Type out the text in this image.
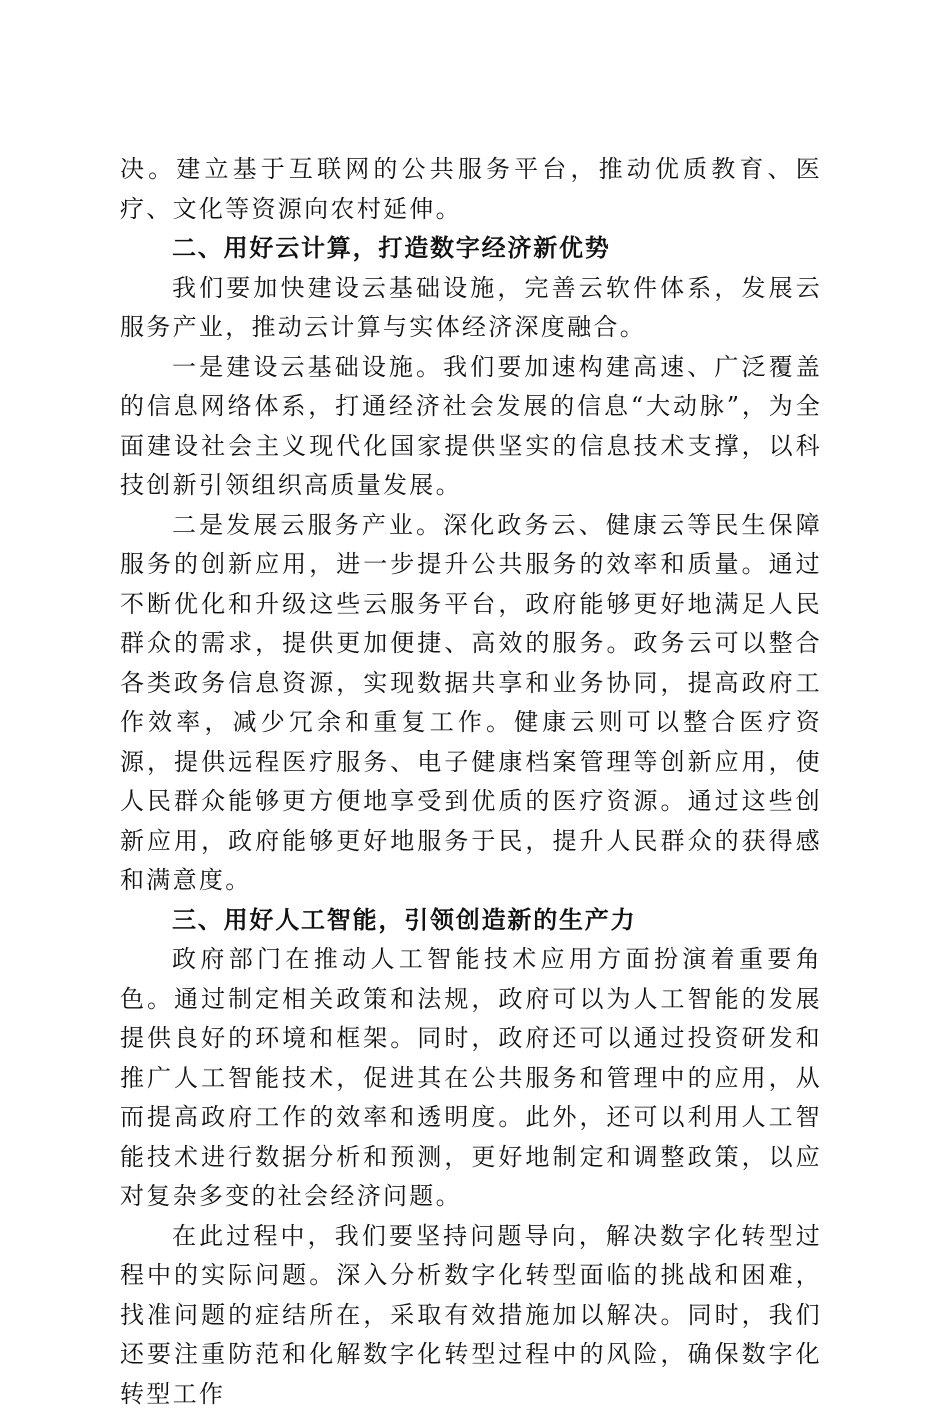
决。建立基于互联网的公共服务平台，推动优质教育、医疗、文化等资源向农村延伸。

二、用好云计算，打造数字经济新优势

我们要加快建设云基础设施，完善云软件体系，发展云服务产业，推动云计算与实体经济深度融合。

一是建设云基础设施。我们要加速构建高速、广泛覆盖的信息网络体系，打通经济社会发展的信息“大动脉”，为全面建设社会主义现代化国家提供坚实的信息技术支撑，以科技创新引领组织高质量发展。

二是发展云服务产业。深化政务云、健康云等民生保障服务的创新应用，进一步提升公共服务的效率和质量。通过不断优化和升级这些云服务平台，政府能够更好地满足人民群众的需求，提供更加便捷、高效的服务。政务云可以整合各类政务信息资源，实现数据共享和业务协同，提高政府工作效率，减少冗余和重复工作。健康云则可以整合医疗资源，提供远程医疗服务、电子健康档案管理等创新应用，使人民群众能够更方便地享受到优质的医疗资源。通过这些创新应用，政府能够更好地服务于民，提升人民群众的获得感和满意度。

三、用好人工智能，引领创造新的生产力

政府部门在推动人工智能技术应用方面扮演着重要角色。通过制定相关政策和法规，政府可以为人工智能的发展提供良好的环境和框架。同时，政府还可以通过投资研发和推广人工智能技术，促进其在公共服务和管理中的应用，从而提高政府工作的效率和透明度。此外，还可以利用人工智能技术进行数据分析和预测，更好地制定和调整政策，以应对复杂多变的社会经济问题。

在此过程中，我们要坚持问题导向，解决数字化转型过程中的实际问题。深入分析数字化转型面临的挑战和困难，找准问题的症结所在，采取有效措施加以解决。同时，我们还要注重防范和化解数字化转型过程中的风险，确保数字化转型工作
